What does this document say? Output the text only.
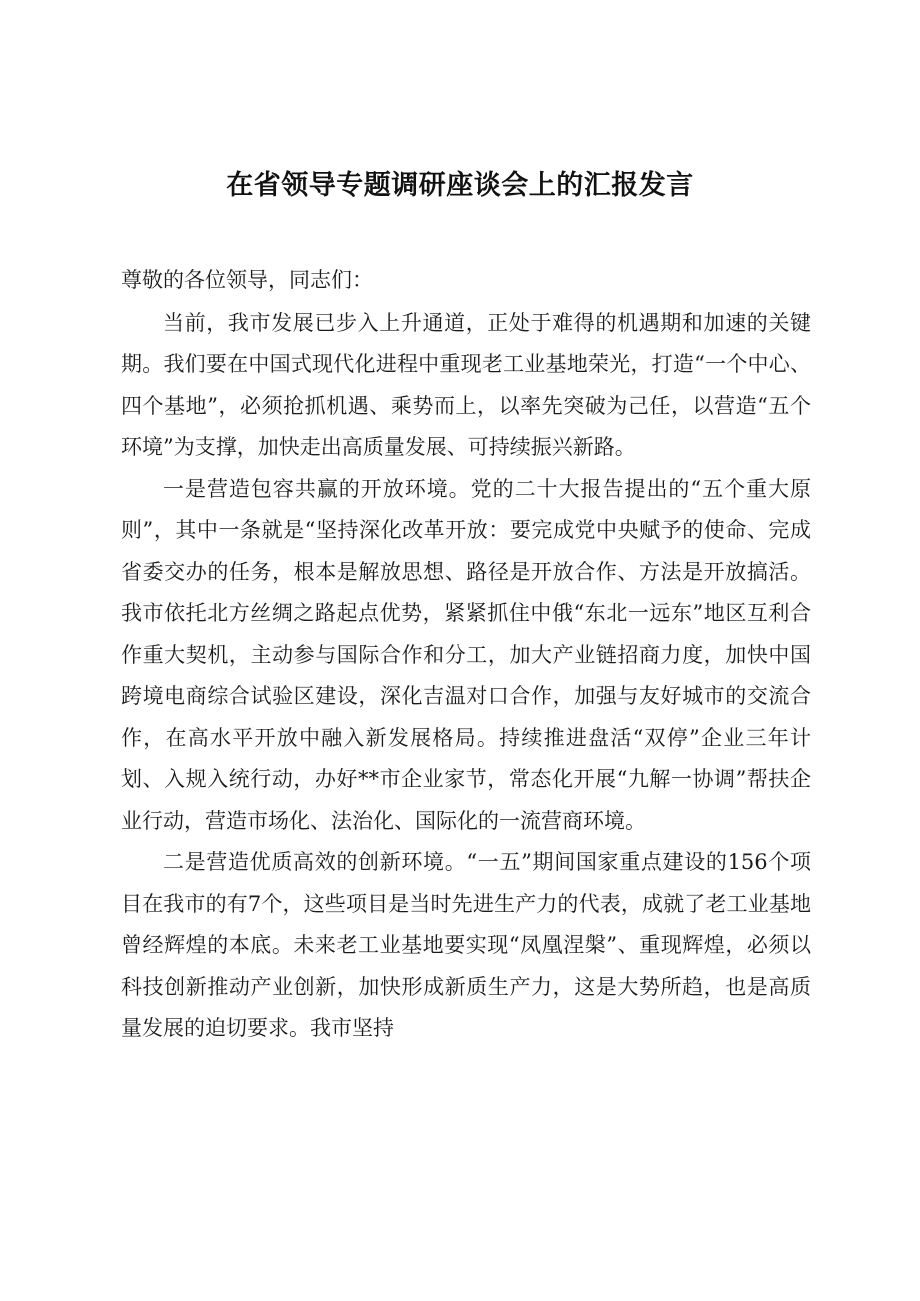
在省领导专题调研座谈会上的汇报发言

尊敬的各位领导，同志们：

当前，我市发展已步入上升通道，正处于难得的机遇期和加速的关键期。我们要在中国式现代化进程中重现老工业基地荣光，打造“一个中心、四个基地”，必须抢抓机遇、乘势而上，以率先突破为己任，以营造“五个环境”为支撑，加快走出高质量发展、可持续振兴新路。

一是营造包容共赢的开放环境。党的二十大报告提出的“五个重大原则”，其中一条就是“坚持深化改革开放：要完成党中央赋予的使命、完成省委交办的任务，根本是解放思想、路径是开放合作、方法是开放搞活。我市依托北方丝绸之路起点优势，紧紧抓住中俄“东北一远东”地区互利合作重大契机，主动参与国际合作和分工，加大产业链招商力度，加快中国跨境电商综合试验区建设，深化吉温对口合作，加强与友好城市的交流合作，在高水平开放中融入新发展格局。持续推进盘活“双停”企业三年计划、入规入统行动，办好**市企业家节，常态化开展“九解一协调”帮扶企业行动，营造市场化、法治化、国际化的一流营商环境。

二是营造优质高效的创新环境。“一五”期间国家重点建设的156个项目在我市的有7个，这些项目是当时先进生产力的代表，成就了老工业基地曾经辉煌的本底。未来老工业基地要实现“凤凰涅槃”、重现辉煌，必须以科技创新推动产业创新，加快形成新质生产力，这是大势所趋，也是高质量发展的迫切要求。我市坚持
